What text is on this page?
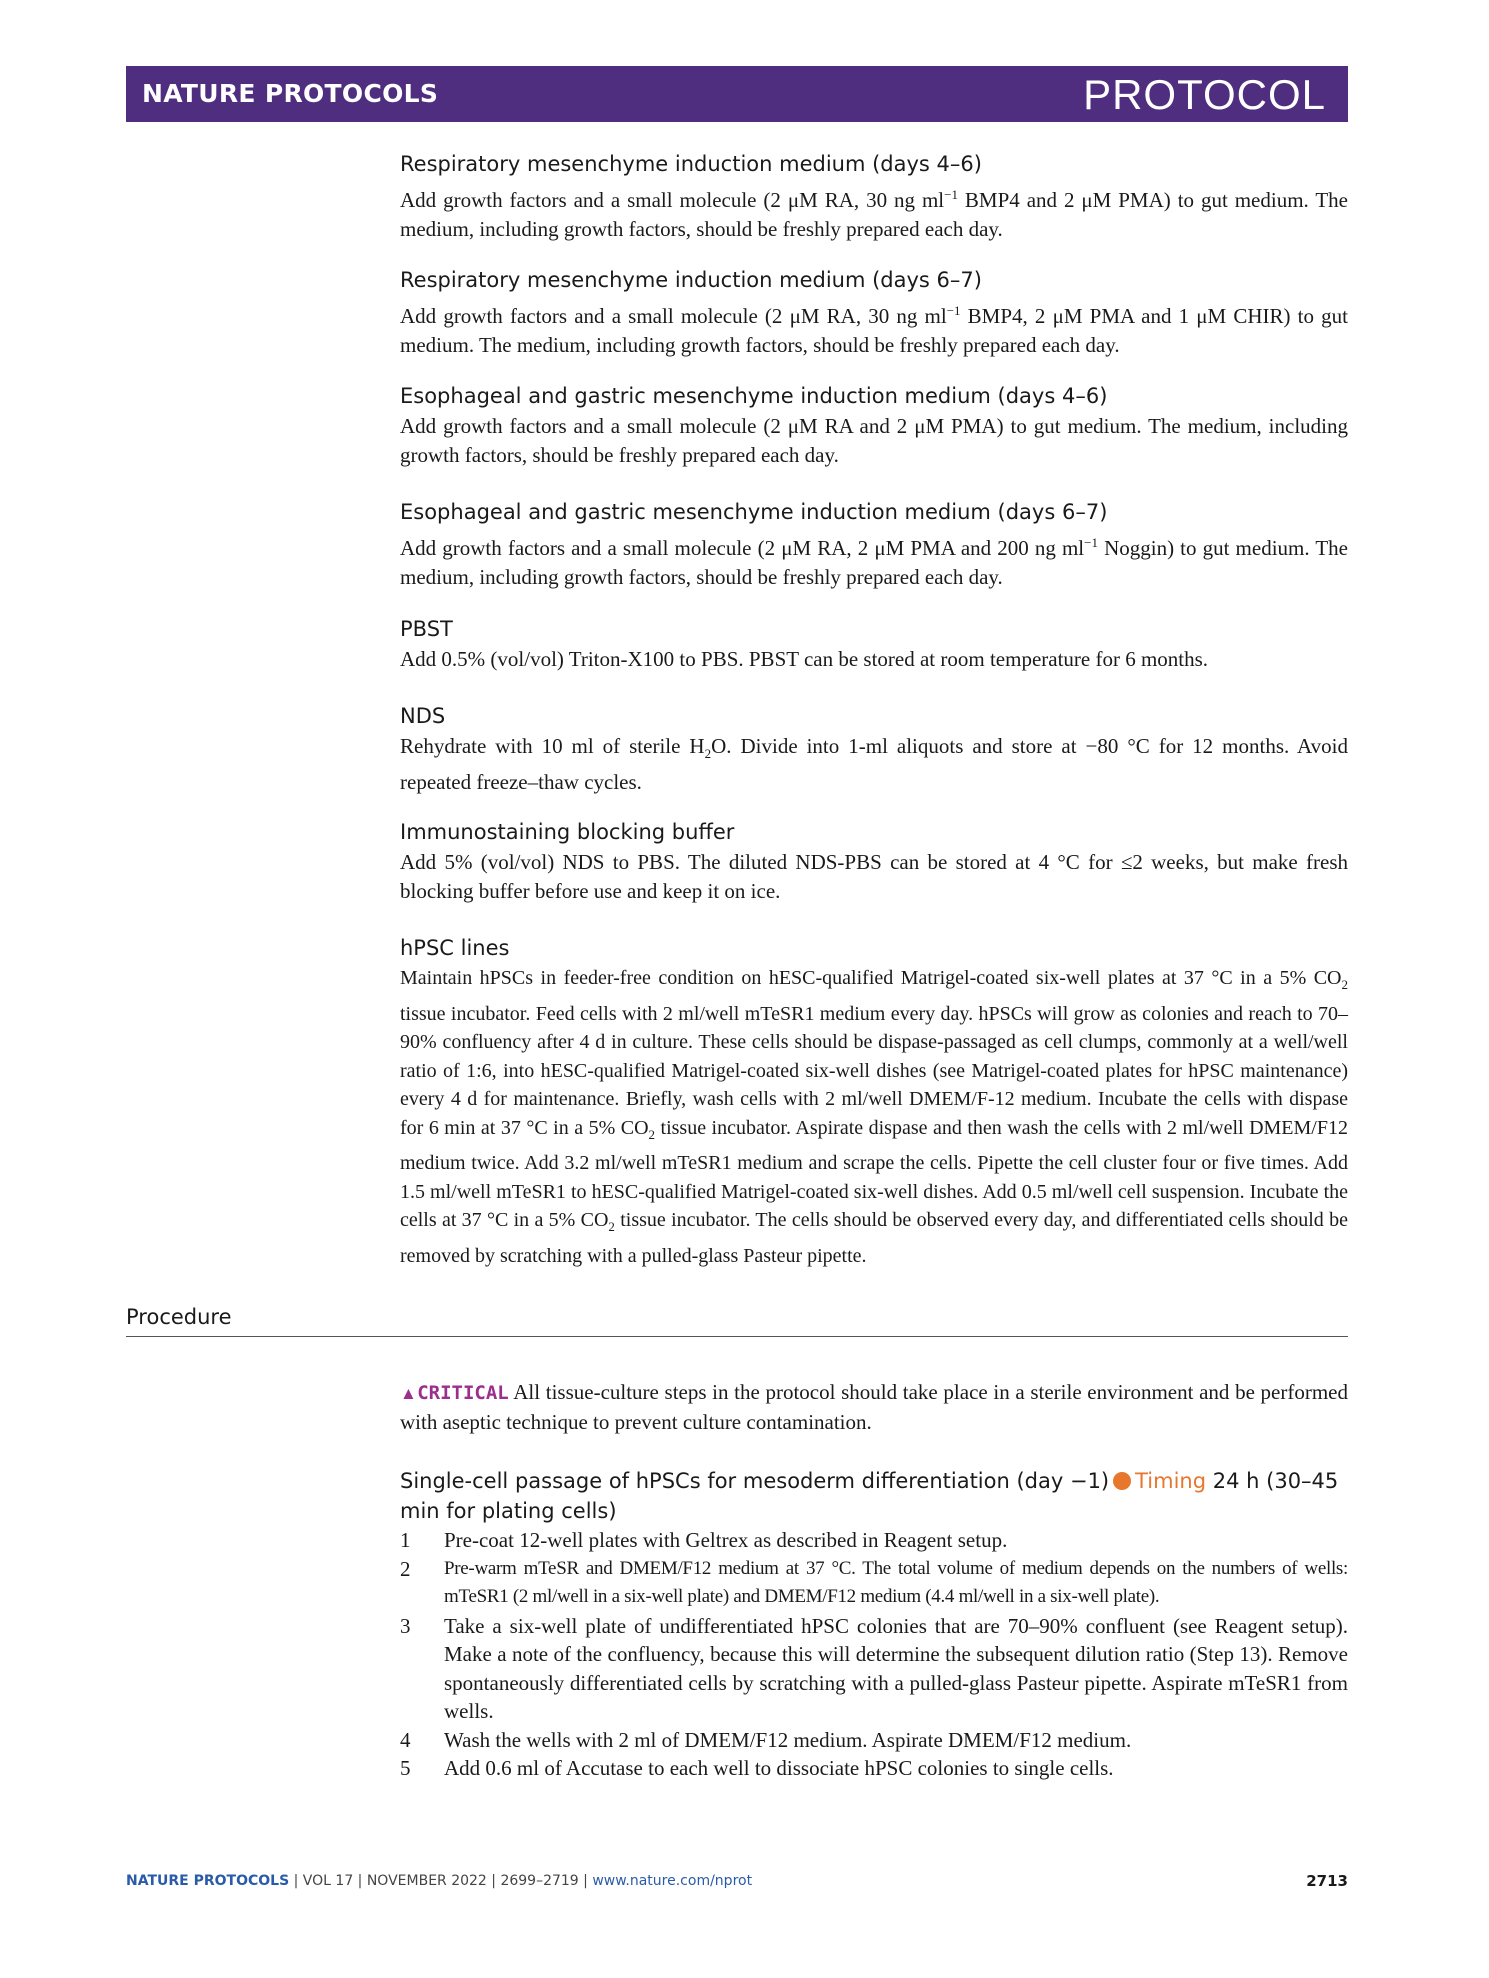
NATURE PROTOCOLS	PROTOCOL
Respiratory mesenchyme induction medium (days 4–6)
Add growth factors and a small molecule (2 μM RA, 30 ng $ml^{-1}$ BMP4 and 2 μM PMA) to gut medium. The medium, including growth factors, should be freshly prepared each day.
Respiratory mesenchyme induction medium (days 6–7)
Add growth factors and a small molecule (2 μM RA, 30 ng $ml^{-1}$ BMP4, 2 μM PMA and 1 μM CHIR) to gut medium. The medium, including growth factors, should be freshly prepared each day.
Esophageal and gastric mesenchyme induction medium (days 4–6)
Add growth factors and a small molecule (2 μM RA and 2 μM PMA) to gut medium. The medium, including growth factors, should be freshly prepared each day.
Esophageal and gastric mesenchyme induction medium (days 6–7)
Add growth factors and a small molecule (2 μM RA, 2 μM PMA and 200 ng $ml^{-1}$ Noggin) to gut medium. The medium, including growth factors, should be freshly prepared each day.
PBST
Add 0.5% (vol/vol) Triton-X100 to PBS. PBST can be stored at room temperature for 6 months.
NDS
Rehydrate with 10 ml of sterile $H_2O$. Divide into 1-ml aliquots and store at −80 °C for 12 months. Avoid repeated freeze–thaw cycles.
Immunostaining blocking buffer
Add 5% (vol/vol) NDS to PBS. The diluted NDS-PBS can be stored at 4 °C for ≤2 weeks, but make fresh blocking buffer before use and keep it on ice.
hPSC lines
Maintain hPSCs in feeder-free condition on hESC-qualified Matrigel-coated six-well plates at 37 °C in a 5% $CO_2$ tissue incubator. Feed cells with 2 ml/well mTeSR1 medium every day. hPSCs will grow as colonies and reach to 70–90% confluency after 4 d in culture. These cells should be dispase-passaged as cell clumps, commonly at a well/well ratio of 1:6, into hESC-qualified Matrigel-coated six-well dishes (see Matrigel-coated plates for hPSC maintenance) every 4 d for maintenance. Briefly, wash cells with 2 ml/well DMEM/F-12 medium. Incubate the cells with dispase for 6 min at 37 °C in a 5% $CO_2$ tissue incubator. Aspirate dispase and then wash the cells with 2 ml/well DMEM/F12 medium twice. Add 3.2 ml/well mTeSR1 medium and scrape the cells. Pipette the cell cluster four or five times. Add 1.5 ml/well mTeSR1 to hESC-qualified Matrigel-coated six-well dishes. Add 0.5 ml/well cell suspension. Incubate the cells at 37 °C in a 5% $CO_2$ tissue incubator. The cells should be observed every day, and differentiated cells should be removed by scratching with a pulled-glass Pasteur pipette.
Procedure
▲CRITICAL All tissue-culture steps in the protocol should take place in a sterile environment and be performed with aseptic technique to prevent culture contamination.
Single-cell passage of hPSCs for mesoderm differentiation (day −1) Timing 24 h (30–45 min for plating cells)
1 Pre-coat 12-well plates with Geltrex as described in Reagent setup.
2 Pre-warm mTeSR and DMEM/F12 medium at 37 °C. The total volume of medium depends on the numbers of wells: mTeSR1 (2 ml/well in a six-well plate) and DMEM/F12 medium (4.4 ml/well in a six-well plate).
3 Take a six-well plate of undifferentiated hPSC colonies that are 70–90% confluent (see Reagent setup). Make a note of the confluency, because this will determine the subsequent dilution ratio (Step 13). Remove spontaneously differentiated cells by scratching with a pulled-glass Pasteur pipette. Aspirate mTeSR1 from wells.
4 Wash the wells with 2 ml of DMEM/F12 medium. Aspirate DMEM/F12 medium.
5 Add 0.6 ml of Accutase to each well to dissociate hPSC colonies to single cells.
NATURE PROTOCOLS | VOL 17 | NOVEMBER 2022 | 2699–2719 | www.nature.com/nprot	2713
